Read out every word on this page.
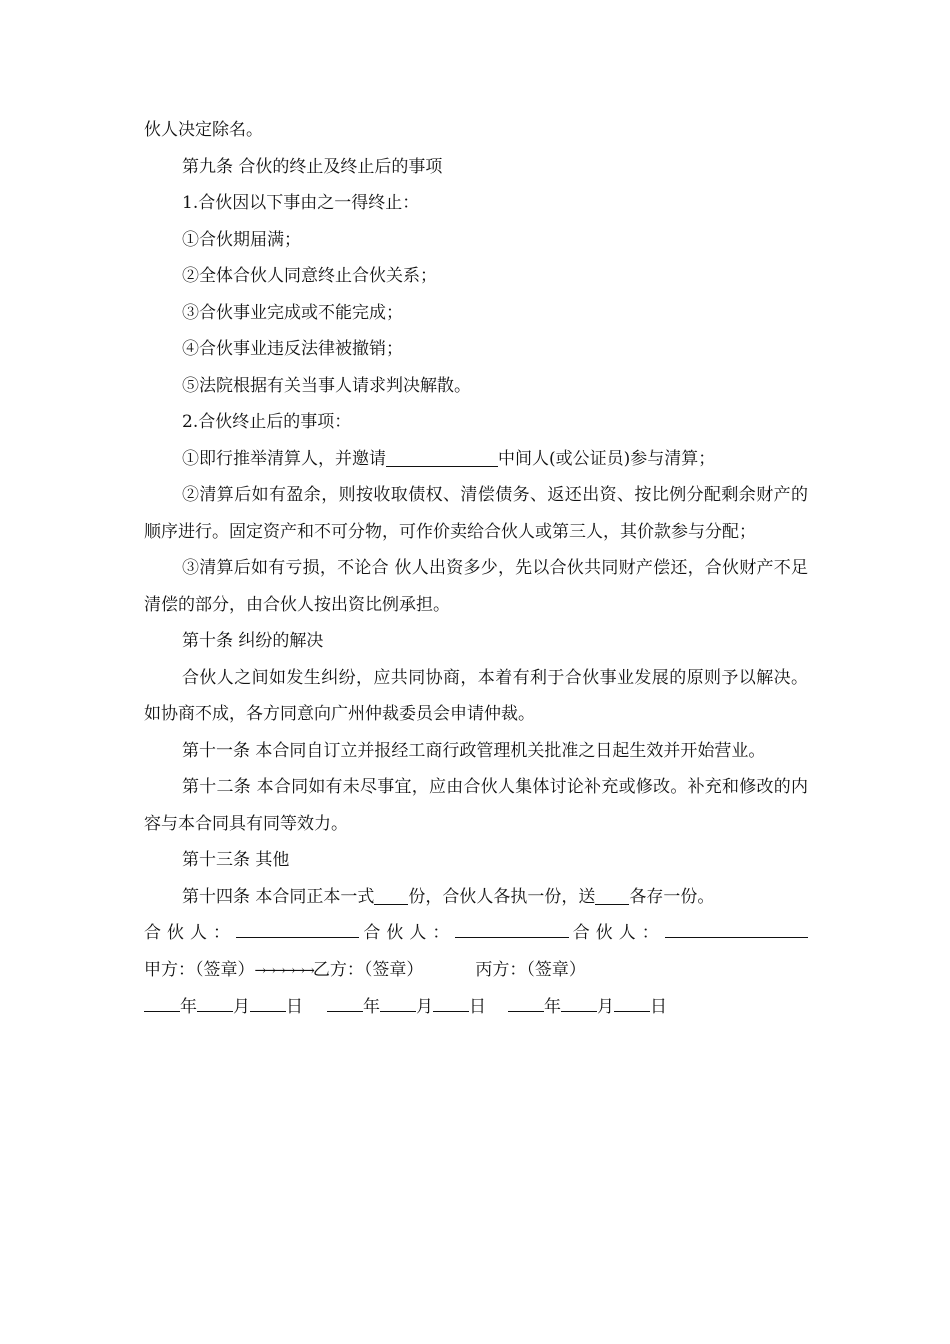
伙人决定除名。

第九条 合伙的终止及终止后的事项

1.合伙因以下事由之一得终止：

①合伙期届满；

②全体合伙人同意终止合伙关系；

③合伙事业完成或不能完成；

④合伙事业违反法律被撤销；

⑤法院根据有关当事人请求判决解散。

2.合伙终止后的事项：

①即行推举清算人，并邀请	中间人(或公证员)参与清算；

②清算后如有盈余，则按收取债权、清偿债务、返还出资、按比例分配剩余财产的顺序进行。固定资产和不可分物，可作价卖给合伙人或第三人，其价款参与分配；

③清算后如有亏损，不论合 伙人出资多少，先以合伙共同财产偿还，合伙财产不足清偿的部分，由合伙人按出资比例承担。

第十条 纠纷的解决

合伙人之间如发生纠纷，应共同协商，本着有利于合伙事业发展的原则予以解决。如协商不成，各方同意向广州仲裁委员会申请仲裁。

第十一条 本合同自订立并报经工商行政管理机关批准之日起生效并开始营业。

第十二条 本合同如有未尽事宜，应由合伙人集体讨论补充或修改。补充和修改的内容与本合同具有同等效力。

第十三条 其他

第十四条 本合同正本一式 份，合伙人各执一份，送 各存一份。

合伙人：	合伙人：	合伙人：
甲方：（签章） →→→→→→ 乙方：（签章）	丙方：（签章）
年 月 日	年 月 日	年 月 日
